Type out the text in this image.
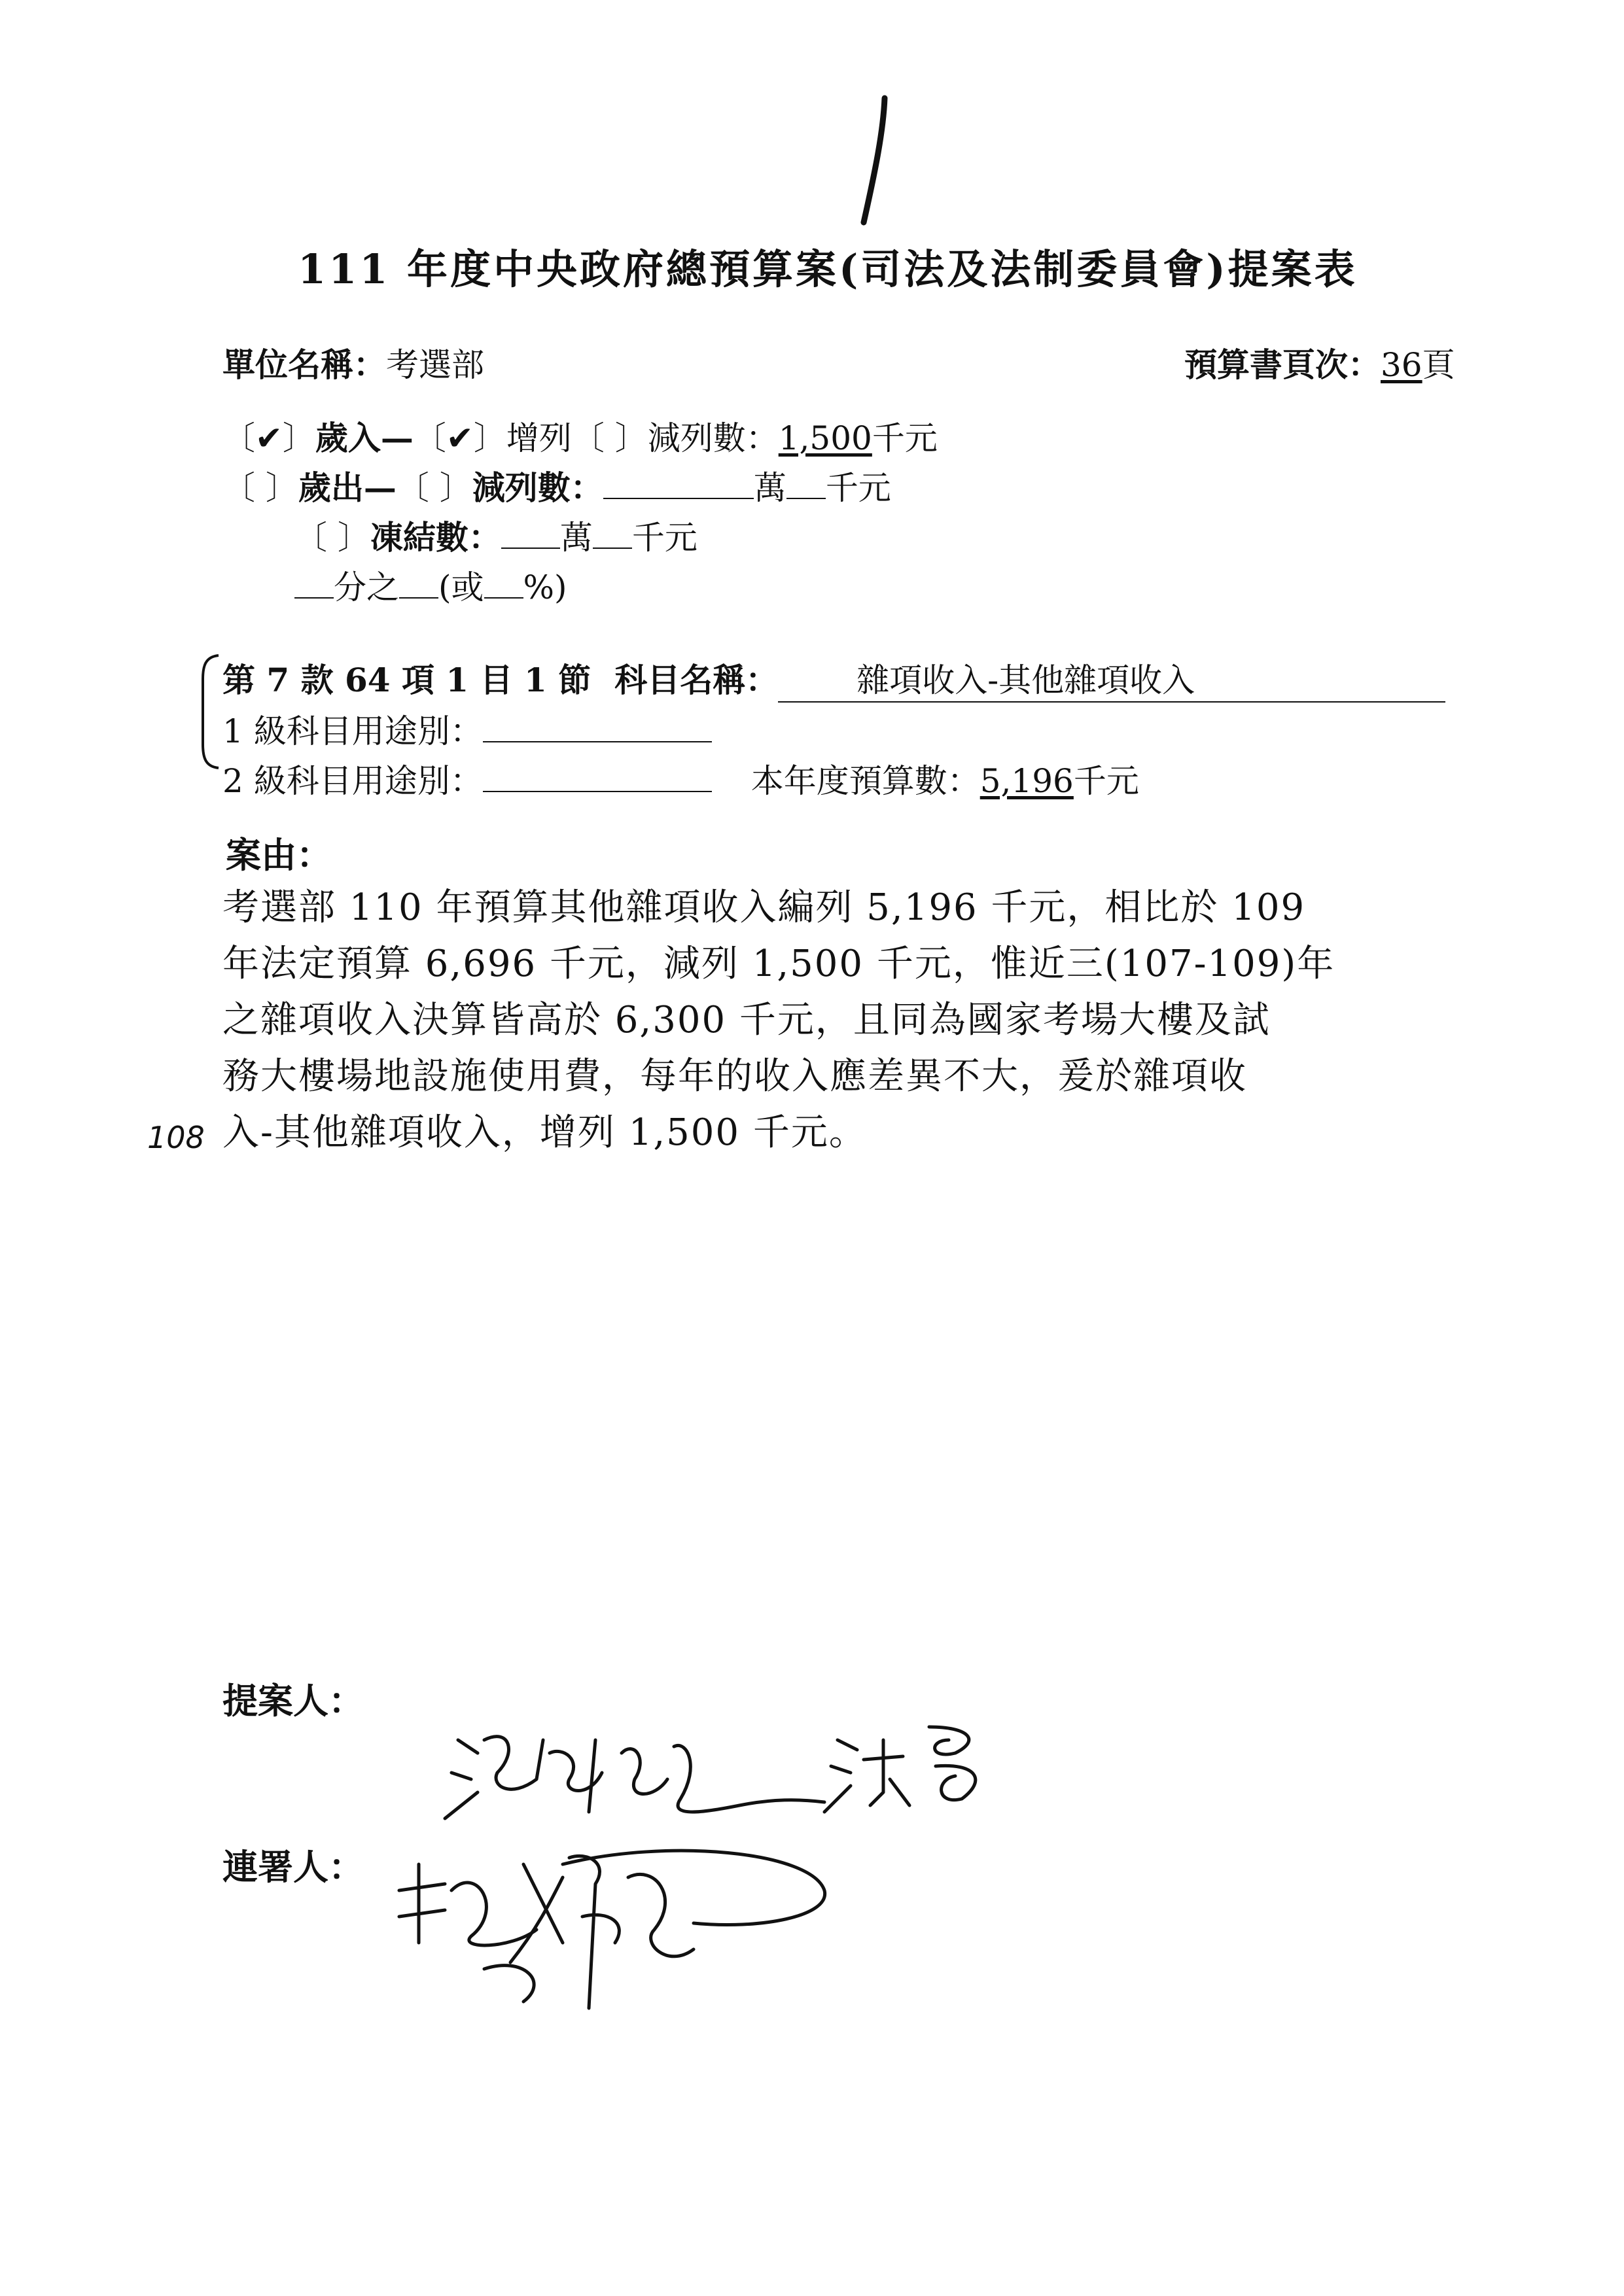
111 年度中央政府總預算案(司法及法制委員會)提案表
單位名稱：考選部	預算書頁次：36頁
〔✔〕歲入—〔✔〕增列〔 〕減列數：1,500千元
〔 〕歲出—〔 〕減列數：	萬 千元
〔 〕凍結數： 萬 千元
分之 (或 %)
第 7 款 64 項 1 目 1 節 科目名稱： 雜項收入-其他雜項收入
1 級科目用途別：
2 級科目用途別：	本年度預算數：5,196千元
案由：
考選部 110 年預算其他雜項收入編列 5,196 千元，相比於 109
年法定預算 6,696 千元，減列 1,500 千元，惟近三(107-109)年
之雜項收入決算皆高於 6,300 千元，且同為國家考場大樓及試
務大樓場地設施使用費，每年的收入應差異不大，爰於雜項收
入-其他雜項收入，增列 1,500 千元。
108
提案人：
連署人：
